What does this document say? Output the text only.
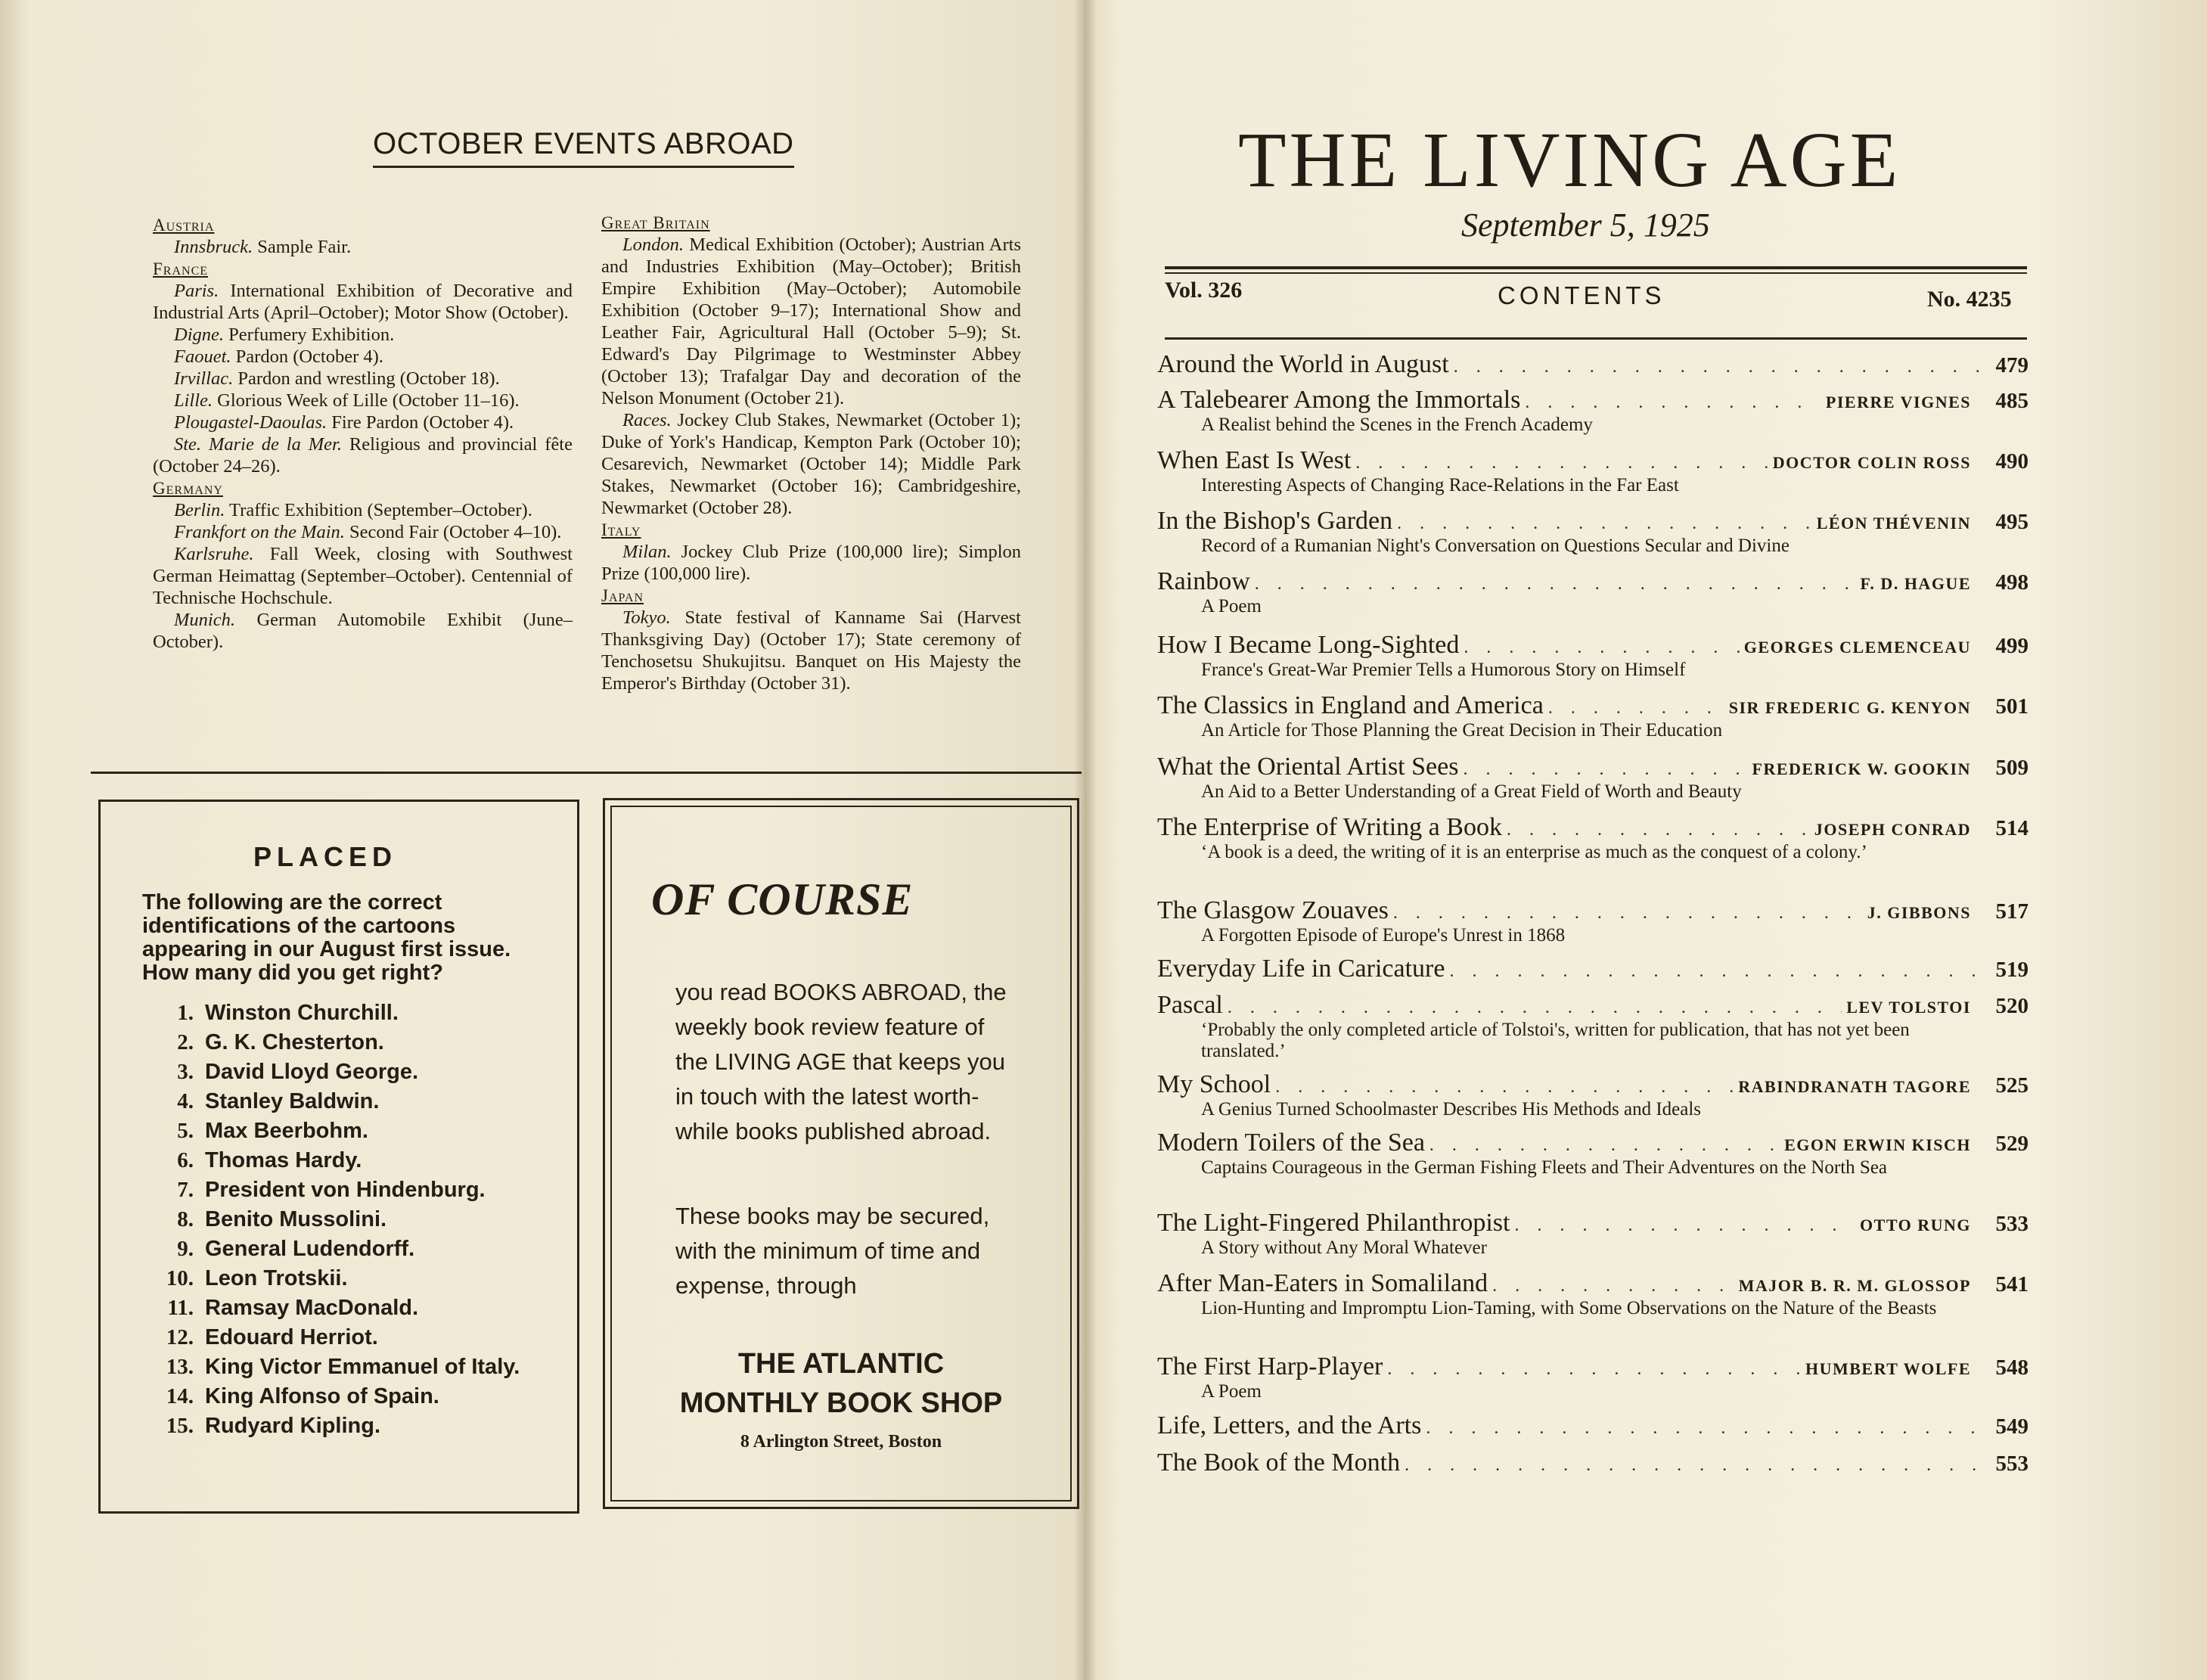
OCTOBER EVENTS ABROAD
Austria

Innsbruck. Sample Fair.

France

Paris. International Exhibition of Decorative and Industrial Arts (April–October); Motor Show (October).

Digne. Perfumery Exhibition.

Faouet. Pardon (October 4).

Irvillac. Pardon and wrestling (October 18).

Lille. Glorious Week of Lille (October 11–16).

Plougastel-Daoulas. Fire Pardon (October 4).

Ste. Marie de la Mer. Religious and provincial fête (October 24–26).

Germany

Berlin. Traffic Exhibition (September–October).

Frankfort on the Main. Second Fair (October 4–10).

Karlsruhe. Fall Week, closing with Southwest German Heimattag (September–October). Centennial of Technische Hochschule.

Munich. German Automobile Exhibit (June–October).

Great Britain

London. Medical Exhibition (October); Austrian Arts and Industries Exhibition (May–October); British Empire Exhibition (May–October); Automobile Exhibition (October 9–17); International Show and Leather Fair, Agricultural Hall (October 5–9); St. Edward's Day Pilgrimage to Westminster Abbey (October 13); Trafalgar Day and decoration of the Nelson Monument (October 21).

Races. Jockey Club Stakes, Newmarket (October 1); Duke of York's Handicap, Kempton Park (October 10); Cesarevich, Newmarket (October 14); Middle Park Stakes, Newmarket (October 16); Cambridgeshire, Newmarket (October 28).

Italy

Milan. Jockey Club Prize (100,000 lire); Simplon Prize (100,000 lire).

Japan

Tokyo. State festival of Kanname Sai (Harvest Thanksgiving Day) (October 17); State ceremony of Tenchosetsu Shukujitsu. Banquet on His Majesty the Emperor's Birthday (October 31).

PLACED
The following are the correct identifications of the cartoons appearing in our August first issue. How many did you get right?
1. Winston Churchill.
2. G. K. Chesterton.
3. David Lloyd George.
4. Stanley Baldwin.
5. Max Beerbohm.
6. Thomas Hardy.
7. President von Hindenburg.
8. Benito Mussolini.
9. General Ludendorff.
10. Leon Trotskii.
11. Ramsay MacDonald.
12. Edouard Herriot.
13. King Victor Emmanuel of Italy.
14. King Alfonso of Spain.
15. Rudyard Kipling.
OF COURSE
you read BOOKS ABROAD, the weekly book review feature of the LIVING AGE that keeps you in touch with the latest worth-while books published abroad.
These books may be secured, with the minimum of time and expense, through
THE ATLANTIC
MONTHLY BOOK SHOP
8 Arlington Street, Boston
THE LIVING AGE
September 5, 1925
Vol. 326	CONTENTS	No. 4235
Around the World in August . . .	479
A Talebearer Among the Immortals . . .	PIERRE VIGNES	485
A Realist behind the Scenes in the French Academy
When East Is West . . .	DOCTOR COLIN ROSS	490
Interesting Aspects of Changing Race-Relations in the Far East
In the Bishop's Garden . . .	LÉON THÉVENIN	495
Record of a Rumanian Night's Conversation on Questions Secular and Divine
Rainbow . . .	F. D. HAGUE	498
A Poem
How I Became Long-Sighted . . .	GEORGES CLEMENCEAU	499
France's Great-War Premier Tells a Humorous Story on Himself
The Classics in England and America . . .	SIR FREDERIC G. KENYON	501
An Article for Those Planning the Great Decision in Their Education
What the Oriental Artist Sees . . .	FREDERICK W. GOOKIN	509
An Aid to a Better Understanding of a Great Field of Worth and Beauty
The Enterprise of Writing a Book . . .	JOSEPH CONRAD	514
‘A book is a deed, the writing of it is an enterprise as much as the conquest of a colony.’
The Glasgow Zouaves . . .	J. GIBBONS	517
A Forgotten Episode of Europe's Unrest in 1868
Everyday Life in Caricature . . .	519
Pascal . . .	LEV TOLSTOI	520
‘Probably the only completed article of Tolstoi's, written for publication, that has not yet been translated.’
My School . . .	RABINDRANATH TAGORE	525
A Genius Turned Schoolmaster Describes His Methods and Ideals
Modern Toilers of the Sea . . .	EGON ERWIN KISCH	529
Captains Courageous in the German Fishing Fleets and Their Adventures on the North Sea
The Light-Fingered Philanthropist . . .	OTTO RUNG	533
A Story without Any Moral Whatever
After Man-Eaters in Somaliland . . .	MAJOR B. R. M. GLOSSOP	541
Lion-Hunting and Impromptu Lion-Taming, with Some Observations on the Nature of the Beasts
The First Harp-Player . . .	HUMBERT WOLFE	548
A Poem
Life, Letters, and the Arts . . .	549
The Book of the Month . . .	553
